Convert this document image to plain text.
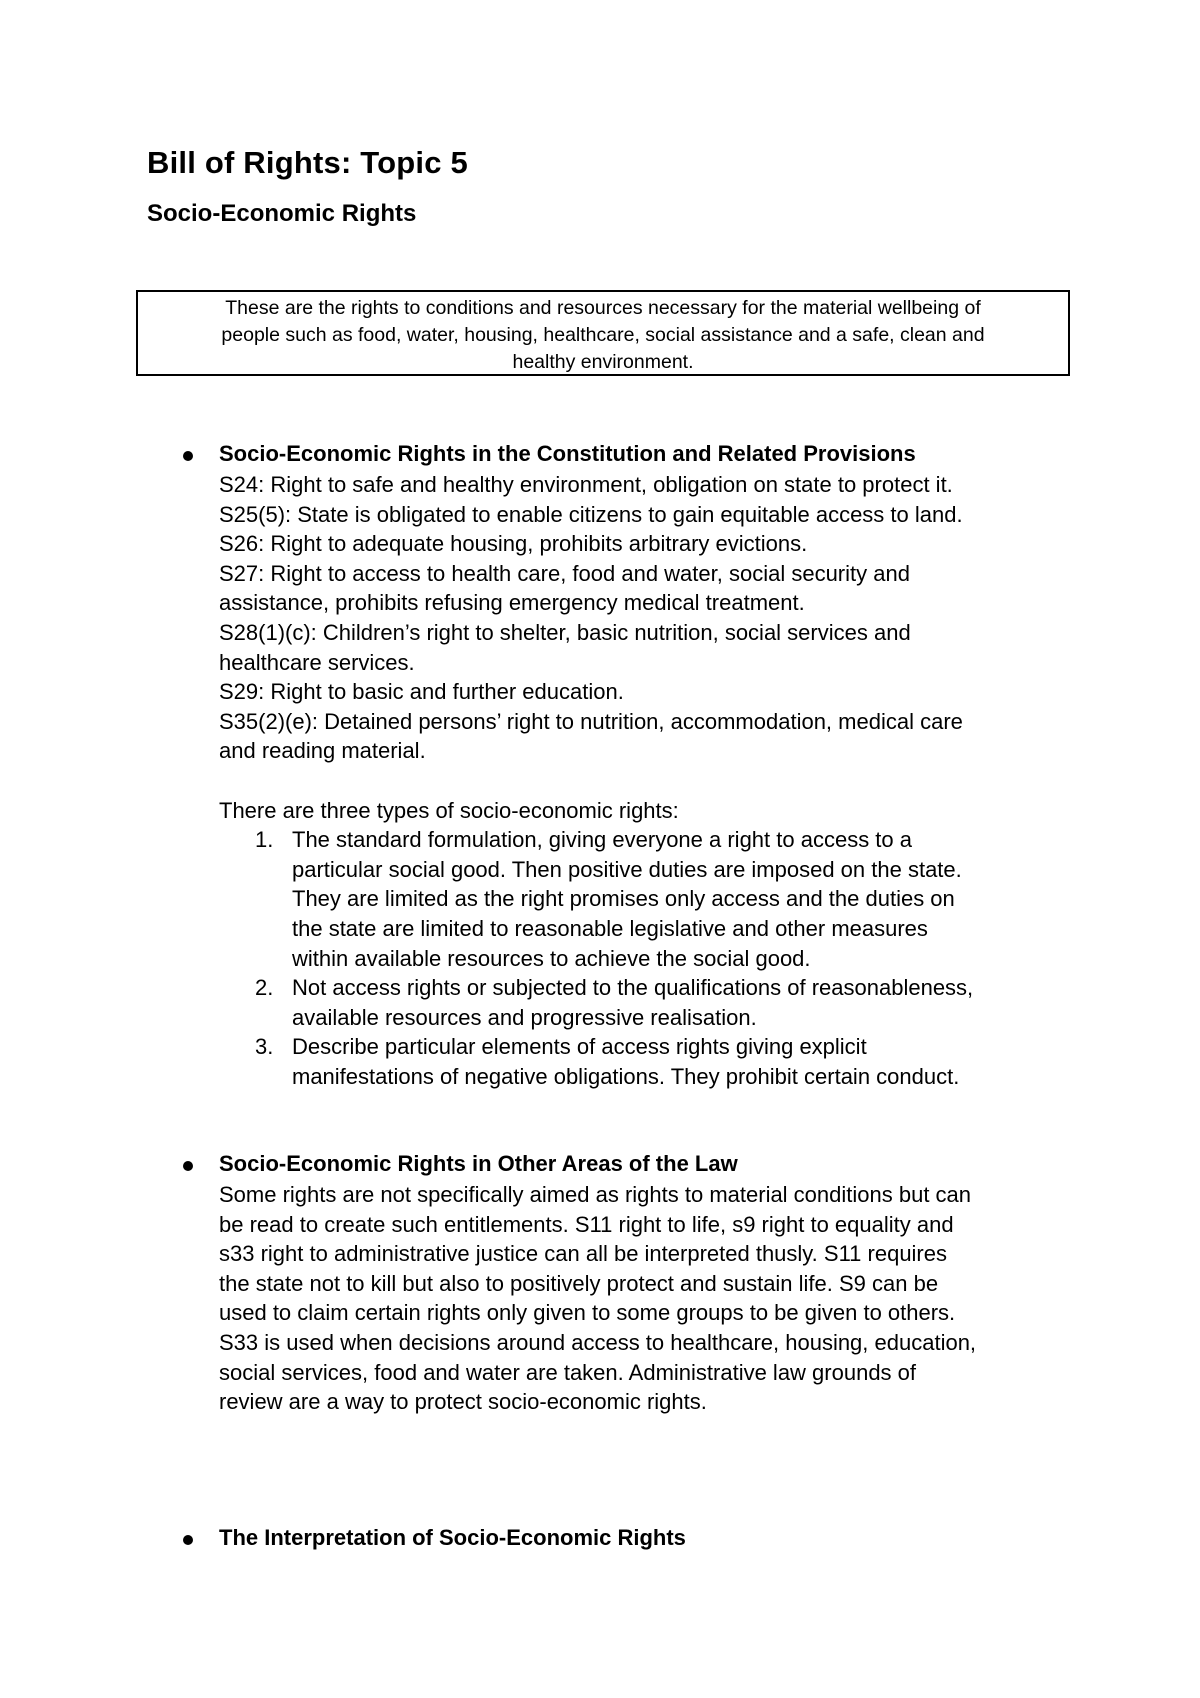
Bill of Rights: Topic 5
Socio-Economic Rights
These are the rights to conditions and resources necessary for the material wellbeing of
people such as food, water, housing, healthcare, social assistance and a safe, clean and
healthy environment.
Socio-Economic Rights in the Constitution and Related Provisions
S24: Right to safe and healthy environment, obligation on state to protect it.
S25(5): State is obligated to enable citizens to gain equitable access to land.
S26: Right to adequate housing, prohibits arbitrary evictions.
S27: Right to access to health care, food and water, social security and
assistance, prohibits refusing emergency medical treatment.
S28(1)(c): Children’s right to shelter, basic nutrition, social services and
healthcare services.
S29: Right to basic and further education.
S35(2)(e): Detained persons’ right to nutrition, accommodation, medical care
and reading material.
There are three types of socio-economic rights:
1. The standard formulation, giving everyone a right to access to a
particular social good. Then positive duties are imposed on the state.
They are limited as the right promises only access and the duties on
the state are limited to reasonable legislative and other measures
within available resources to achieve the social good.
2. Not access rights or subjected to the qualifications of reasonableness,
available resources and progressive realisation.
3. Describe particular elements of access rights giving explicit
manifestations of negative obligations. They prohibit certain conduct.
Socio-Economic Rights in Other Areas of the Law
Some rights are not specifically aimed as rights to material conditions but can
be read to create such entitlements. S11 right to life, s9 right to equality and
s33 right to administrative justice can all be interpreted thusly. S11 requires
the state not to kill but also to positively protect and sustain life. S9 can be
used to claim certain rights only given to some groups to be given to others.
S33 is used when decisions around access to healthcare, housing, education,
social services, food and water are taken. Administrative law grounds of
review are a way to protect socio-economic rights.
The Interpretation of Socio-Economic Rights
